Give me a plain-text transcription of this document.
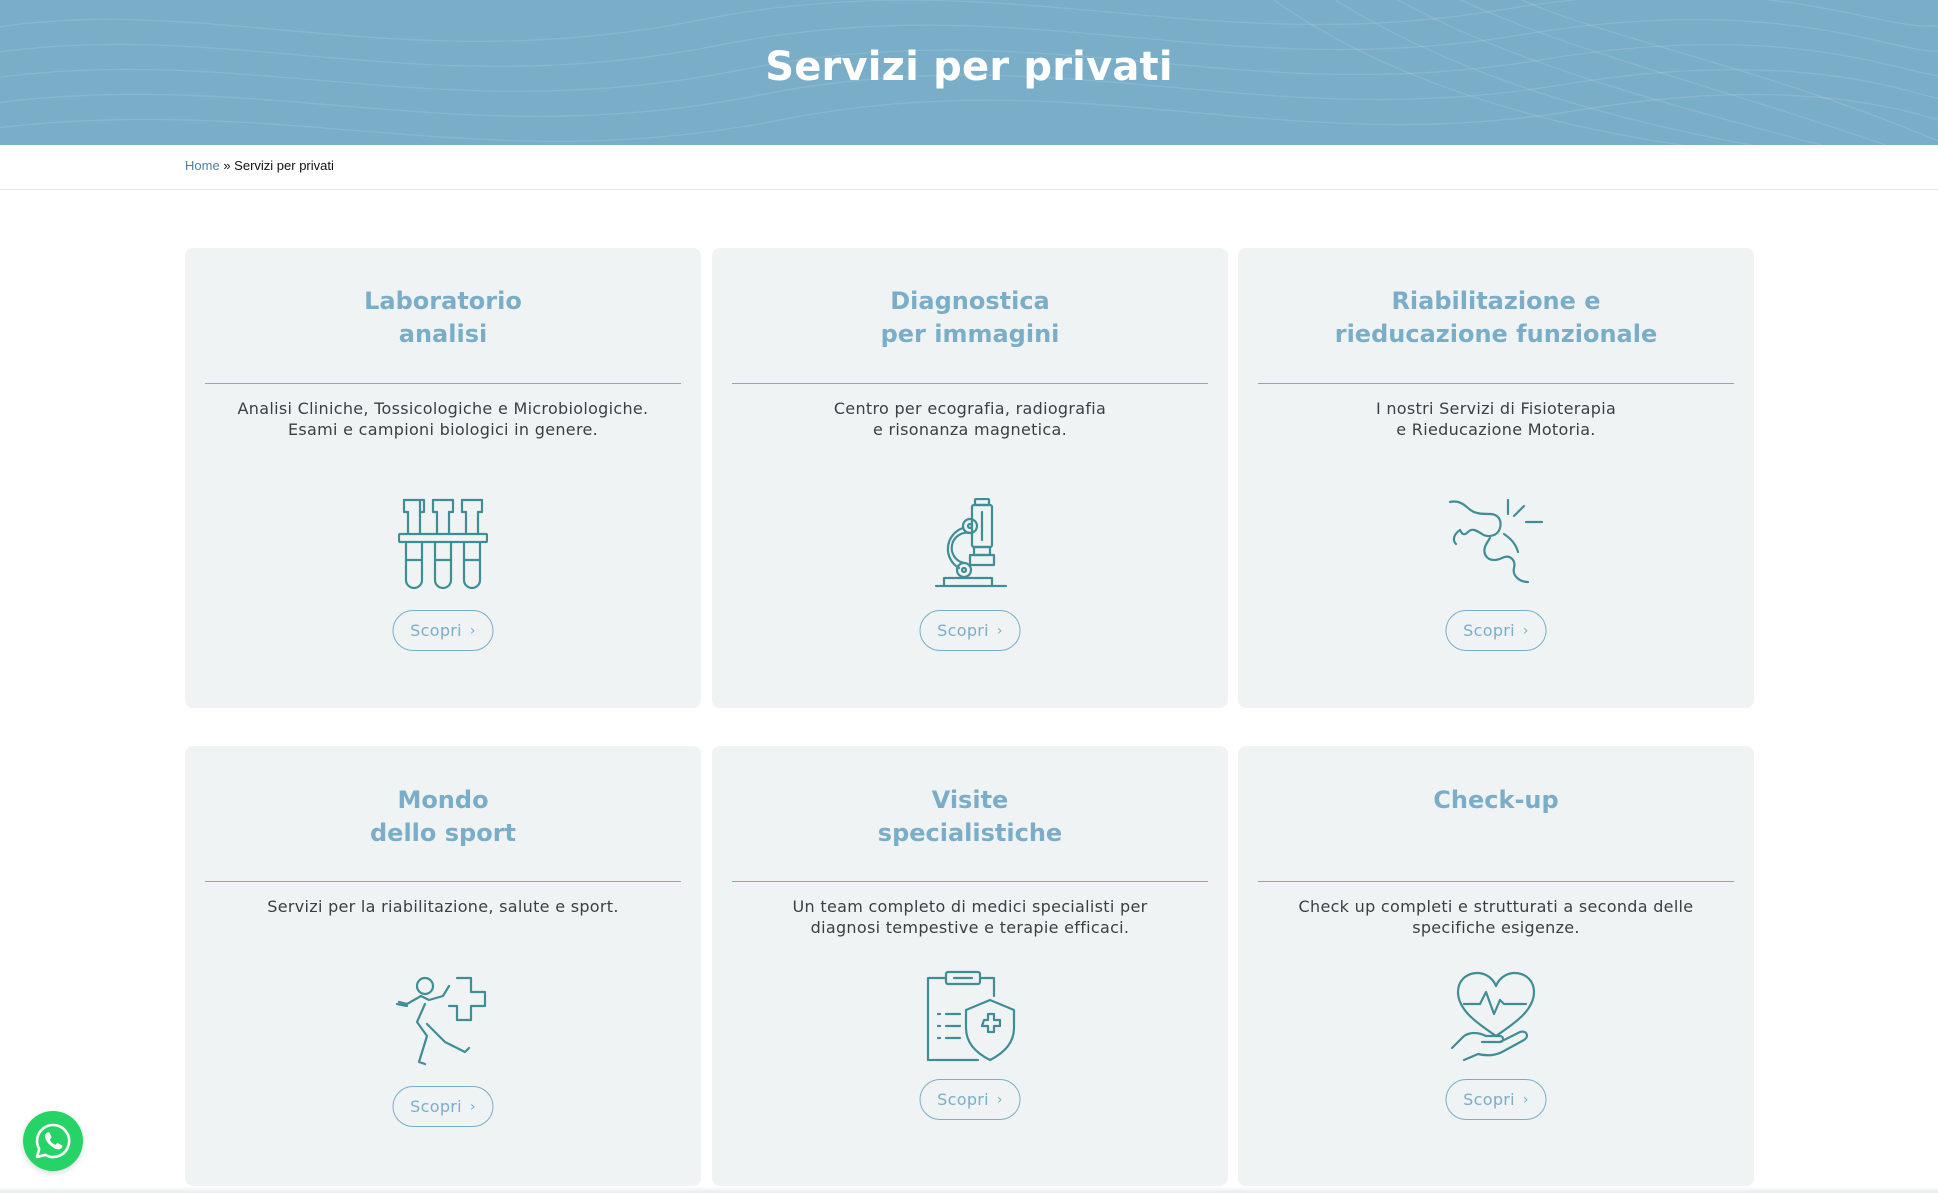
Servizi per privati
Home » Servizi per privati
Laboratorio
analisi
Analisi Cliniche, Tossicologiche e Microbiologiche.
Esami e campioni biologici in genere.
Scopri ›
Diagnostica
per immagini
Centro per ecografia, radiografia
e risonanza magnetica.
Scopri ›
Riabilitazione e
rieducazione funzionale
I nostri Servizi di Fisioterapia
e Rieducazione Motoria.
Scopri ›
Mondo
dello sport
Servizi per la riabilitazione, salute e sport.
Scopri ›
Visite
specialistiche
Un team completo di medici specialisti per
diagnosi tempestive e terapie efficaci.
Scopri ›
Check-up
Check up completi e strutturati a seconda delle
specifiche esigenze.
Scopri ›
